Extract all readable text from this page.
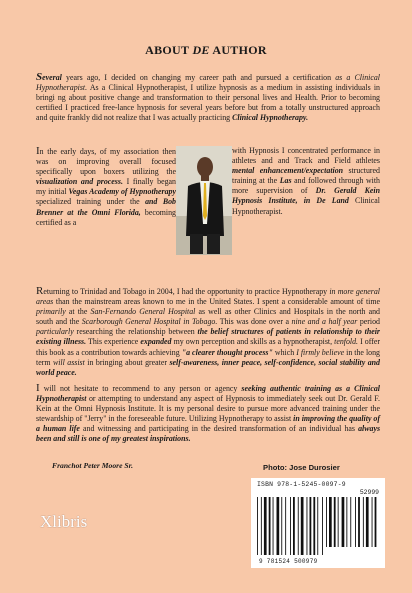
ABOUT DE AUTHOR
Several years ago, I decided on changing my career path and pursued a certification as a Clinical Hypnotherapist. As a Clinical Hypnotherapist, I utilize hypnosis as a medium in assisting individuals in bringi ng about positive change and transformation to their personal lives and Health. Prior to becoming certified I practiced free-lance hypnosis for several years before but from a totally unstructured approach and quite frankly did not realize that I was actually practicing Clinical Hypnotherapy.
In the early days, of my association then was on improving overall focused specifically upon boxers utilizing the visualization and process. I finally began my initial Vegas Academy of Hypnotherapy specialized training under the and Bob Brenner at the Omni Florida, becoming certified as a
with Hypnosis I concentrated performance in athletes and and Track and Field athletes mental enhancement/expectation structured training at the Las and followed through with more supervision of Dr. Gerald Kein Hypnosis Institute, in De Land Clinical Hypnotherapist.
Returning to Trinidad and Tobago in 2004, I had the opportunity to practice Hypnotherapy in more general areas than the mainstream areas known to me in the United States. I spent a considerable amount of time primarily at the San-Fernando General Hospital as well as other Clinics and Hospitals in the north and south and the Scarborough General Hospital in Tobago. This was done over a nine and a half year period particularly researching the relationship between the belief structures of patients in relationship to their existing illness. This experience expanded my own perception and skills as a hypnotherapist, tenfold. I offer this book as a contribution towards achieving "a clearer thought process" which I firmly believe in the long term will assist in bringing about greater self-awareness, inner peace, self-confidence, social stability and world peace.
I will not hesitate to recommend to any person or agency seeking authentic training as a Clinical Hypnotherapist or attempting to understand any aspect of Hypnosis to immediately seek out Dr. Gerald F. Kein at the Omni Hypnosis Institute. It is my personal desire to pursue more advanced training under the stewardship of "Jerry" in the foreseeable future. Utilizing Hypnotherapy to assist in improving the quality of a human life and witnessing and participating in the desired transformation of an individual has always been and still is one of my greatest inspirations.
Franchot Peter Moore Sr.	Photo: Jose Durosier
Xlibris
ISBN 978-1-5245-0097-9
52999
9 781524 500979
